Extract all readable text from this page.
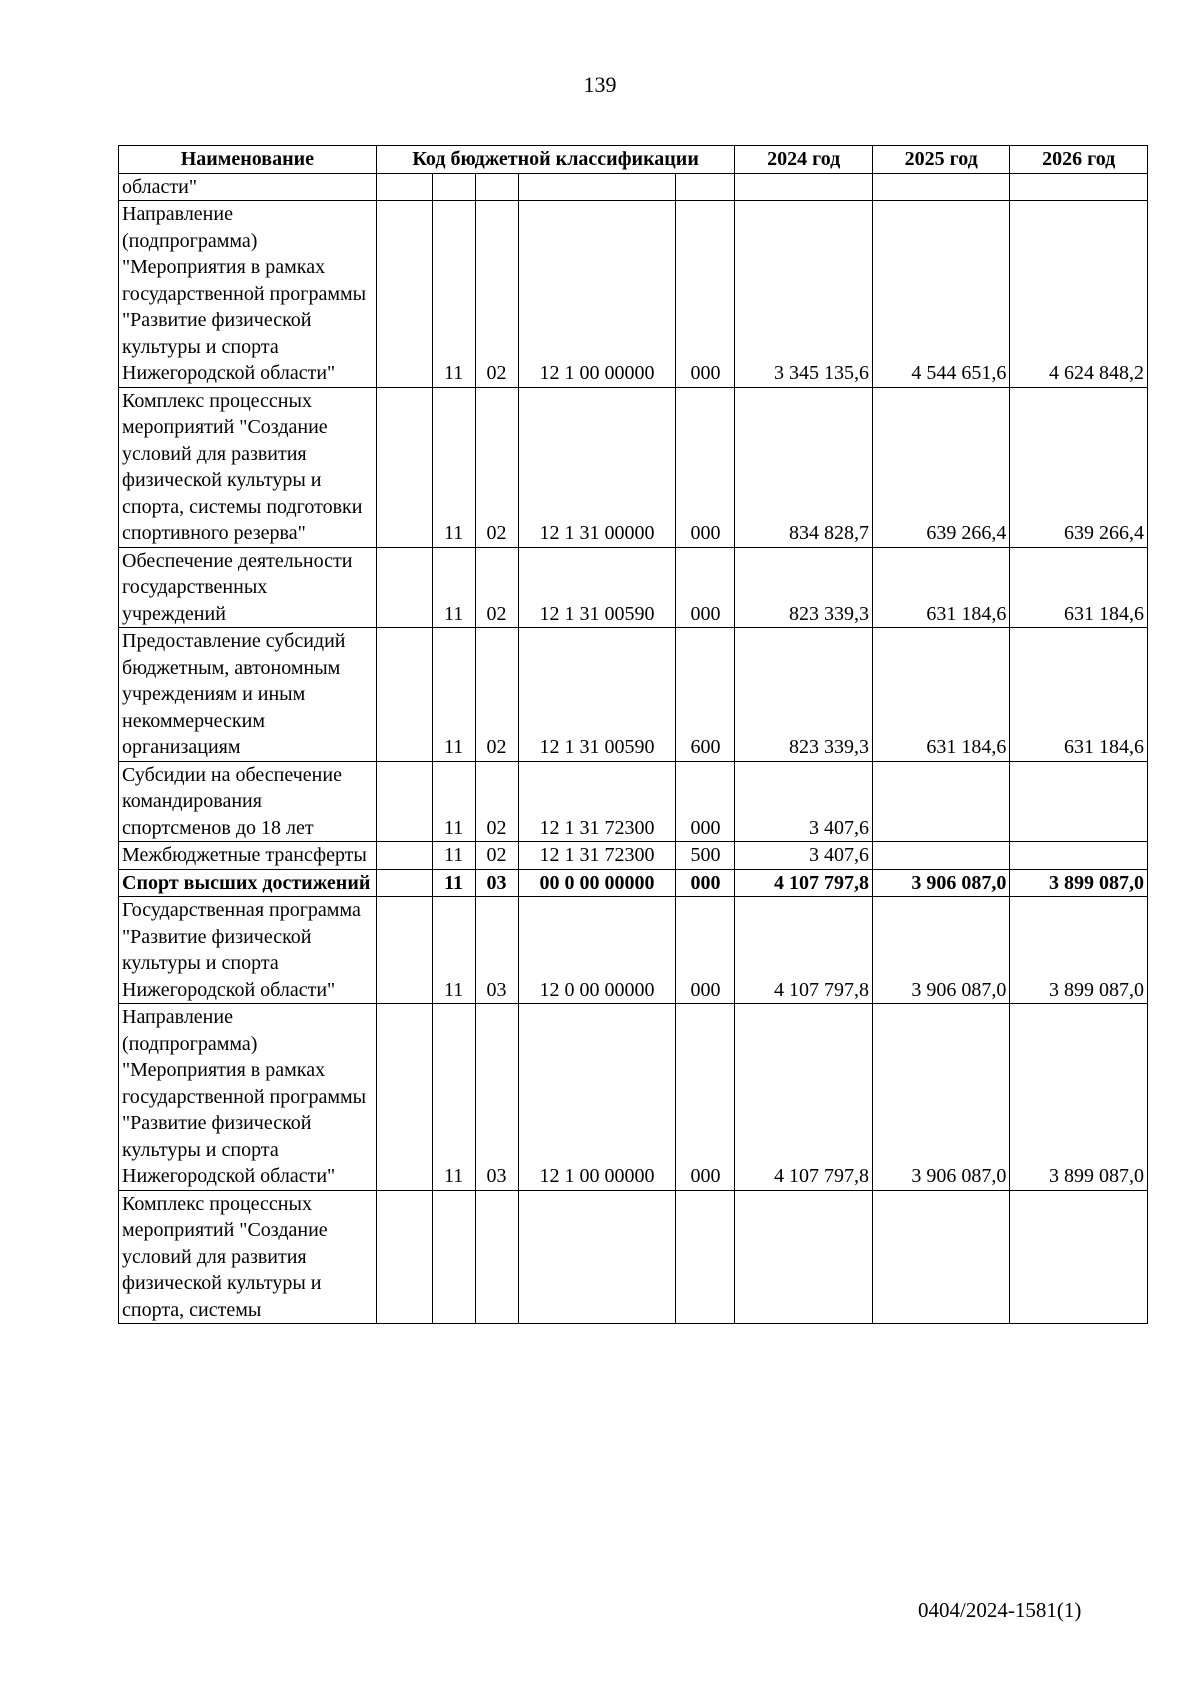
139
Наименование	Код бюджетной классификации					2024 год	2025 год	2026 год
области"								
Направление (подпрограмма) "Мероприятия в рамках государственной программы "Развитие физической культуры и спорта Нижегородской области"		11	02	12 1 00 00000	000	3 345 135,6	4 544 651,6	4 624 848,2
Комплекс процессных мероприятий "Создание условий для развития физической культуры и спорта, системы подготовки спортивного резерва"		11	02	12 1 31 00000	000	834 828,7	639 266,4	639 266,4
Обеспечение деятельности государственных учреждений		11	02	12 1 31 00590	000	823 339,3	631 184,6	631 184,6
Предоставление субсидий бюджетным, автономным учреждениям и иным некоммерческим организациям		11	02	12 1 31 00590	600	823 339,3	631 184,6	631 184,6
Субсидии на обеспечение командирования спортсменов до 18 лет		11	02	12 1 31 72300	000	3 407,6		
Межбюджетные трансферты		11	02	12 1 31 72300	500	3 407,6		
Спорт высших достижений		11	03	00 0 00 00000	000	4 107 797,8	3 906 087,0	3 899 087,0
Государственная программа "Развитие физической культуры и спорта Нижегородской области"		11	03	12 0 00 00000	000	4 107 797,8	3 906 087,0	3 899 087,0
Направление (подпрограмма) "Мероприятия в рамках государственной программы "Развитие физической культуры и спорта Нижегородской области"		11	03	12 1 00 00000	000	4 107 797,8	3 906 087,0	3 899 087,0
Комплекс процессных мероприятий "Создание условий для развития физической культуры и спорта, системы								
0404/2024-1581(1)
